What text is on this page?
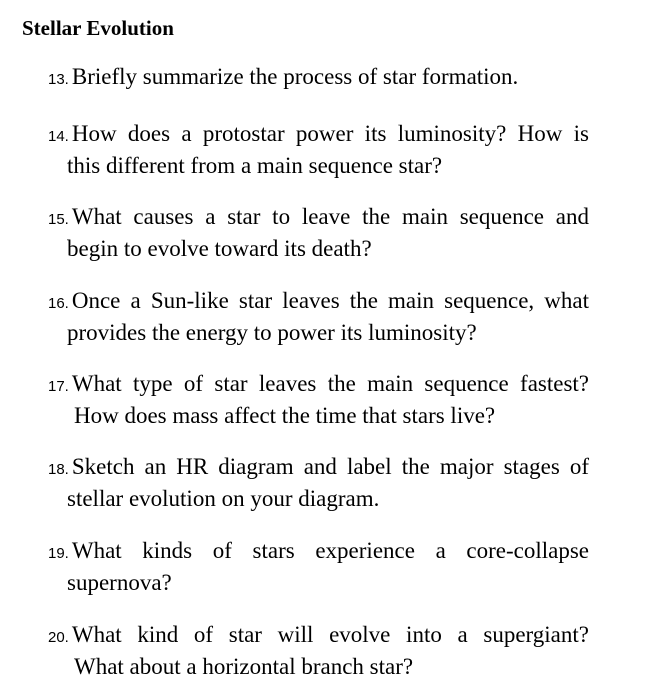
Stellar Evolution
13. Briefly summarize the process of star formation.
14. How does a protostar power its luminosity? How is
this different from a main sequence star?
15. What causes a star to leave the main sequence and
begin to evolve toward its death?
16. Once a Sun-like star leaves the main sequence, what
provides the energy to power its luminosity?
17. What type of star leaves the main sequence fastest?
How does mass affect the time that stars live?
18. Sketch an HR diagram and label the major stages of
stellar evolution on your diagram.
19. What kinds of stars experience a core-collapse
supernova?
20. What kind of star will evolve into a supergiant?
What about a horizontal branch star?
